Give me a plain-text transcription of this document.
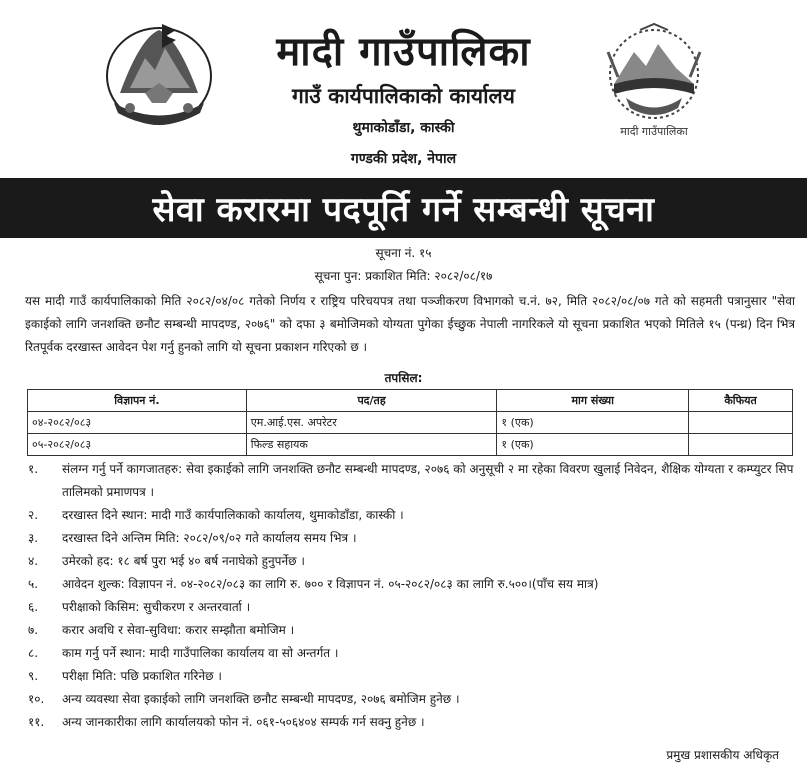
मादी गाउँपालिका
गाउँ कार्यपालिकाको कार्यालय
थुमाकोडाँडा, कास्की
गण्डकी प्रदेश, नेपाल
मादी गाउँपालिका
सेवा करारमा पदपूर्ति गर्ने सम्बन्धी सूचना
सूचना नं. १५
सूचना पुन: प्रकाशित मिति: २०८२/०८/१७

यस मादी गाउँ कार्यपालिकाको मिति २०८२/०४/०८ गतेको निर्णय र राष्ट्रिय परिचयपत्र तथा पञ्जीकरण विभागको च.नं. ७२, मिति २०८२/०८/०७ गते को सहमती पत्रानुसार "सेवा इकाईको लागि जनशक्ति छनौट सम्बन्धी मापदण्ड, २०७६" को दफा ३ बमोजिमको योग्यता पुगेका ईच्छुक नेपाली नागरिकले यो सूचना प्रकाशित भएको मितिले १५ (पन्ध्र) दिन भित्र रितपूर्वक दरखास्त आवेदन पेश गर्नु हुनको लागि यो सूचना प्रकाशन गरिएको छ ।

तपसिल:
विज्ञापन नं.	पद/तह	माग संख्या	कैफियत
०४-२०८२/०८३	एम.आई.एस. अपरेटर	१ (एक)	
०५-२०८२/०८३	फिल्ड सहायक	१ (एक)	
१.	संलग्न गर्नु पर्ने कागजातहरु: सेवा इकाईको लागि जनशक्ति छनौट सम्बन्धी मापदण्ड, २०७६ को अनुसूची २ मा रहेका विवरण खुलाई निवेदन, शैक्षिक योग्यता र कम्प्युटर सिप तालिमको प्रमाणपत्र ।
२.	दरखास्त दिने स्थान: मादी गाउँ कार्यपालिकाको कार्यालय, थुमाकोडाँडा, कास्की ।
३.	दरखास्त दिने अन्तिम मिति: २०८२/०९/०२ गते कार्यालय समय भित्र ।
४.	उमेरको हद: १८ बर्ष पुरा भई ४० बर्ष ननाघेको हुनुपर्नेछ ।
५.	आवेदन शुल्क: विज्ञापन नं. ०४-२०८२/०८३ का लागि रु. ७०० र विज्ञापन नं. ०५-२०८२/०८३ का लागि रु.५००।(पाँच सय मात्र)
६.	परीक्षाको किसिम: सुचीकरण र अन्तरवार्ता ।
७.	करार अवधि र सेवा-सुविधा: करार सम्झौता बमोजिम ।
८.	काम गर्नु पर्ने स्थान: मादी गाउँपालिका कार्यालय वा सो अन्तर्गत ।
९.	परीक्षा मिति: पछि प्रकाशित गरिनेछ ।
१०.	अन्य व्यवस्था सेवा इकाईको लागि जनशक्ति छनौट सम्बन्धी मापदण्ड, २०७६ बमोजिम हुनेछ ।
११.	अन्य जानकारीका लागि कार्यालयको फोन नं. ०६१-५०६४०४ सम्पर्क गर्न सक्नु हुनेछ ।
प्रमुख प्रशासकीय अधिकृत
